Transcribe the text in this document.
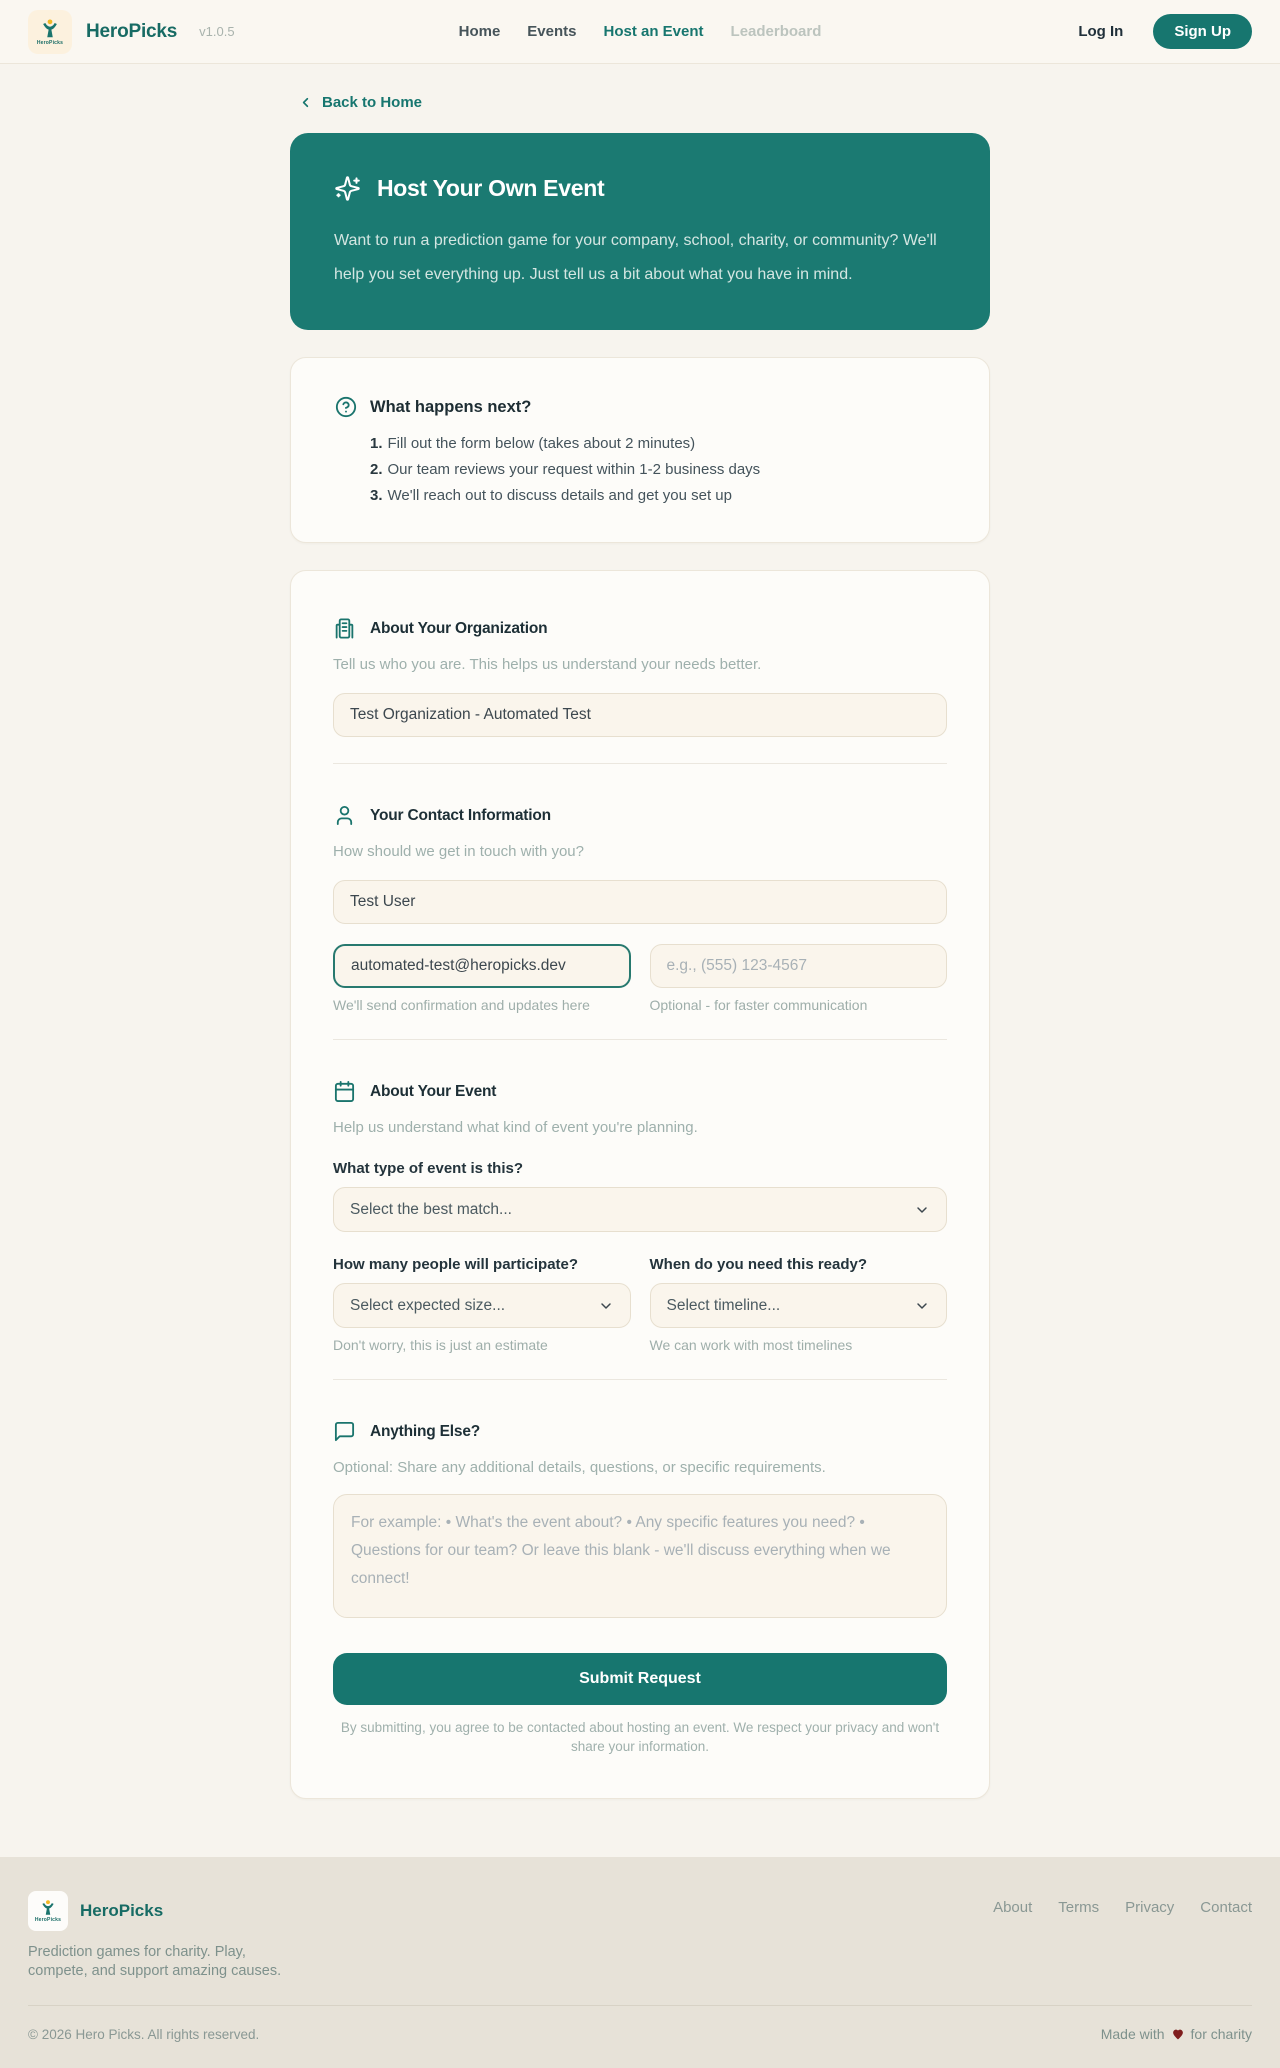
HeroPicks
HeroPicks v1.0.5	Home Events Host an Event Leaderboard	Log In	Sign Up
Back to Home
Host Your Own Event

Want to run a prediction game for your company, school, charity, or community? We'll help you set everything up. Just tell us a bit about what you have in mind.

What happens next?
1. Fill out the form below (takes about 2 minutes)
2. Our team reviews your request within 1-2 business days
3. We'll reach out to discuss details and get you set up
About Your Organization

Tell us who you are. This helps us understand your needs better.

Test Organization - Automated Test
Your Contact Information

How should we get in touch with you?

Test User
automated-test@heropicks.dev

We'll send confirmation and updates here

e.g., (555) 123-4567	Optional - for faster communication

About Your Event

Help us understand what kind of event you're planning.

What type of event is this?
Select the best match...
How many people will participate?
Select expected size...

Don't worry, this is just an estimate

When do you need this ready?
Select timeline...

We can work with most timelines

Anything Else?

Optional: Share any additional details, questions, or specific requirements.

For example: • What's the event about? • Any specific features you need? • Questions for our team? Or leave this blank - we'll discuss everything when we connect!
Submit Request

By submitting, you agree to be contacted about hosting an event. We respect your privacy and won't share your information.

HeroPicks HeroPicks

Prediction games for charity. Play, compete, and support amazing causes.

About Terms Privacy Contact
© 2026 Hero Picks. All rights reserved.	Made with for charity
